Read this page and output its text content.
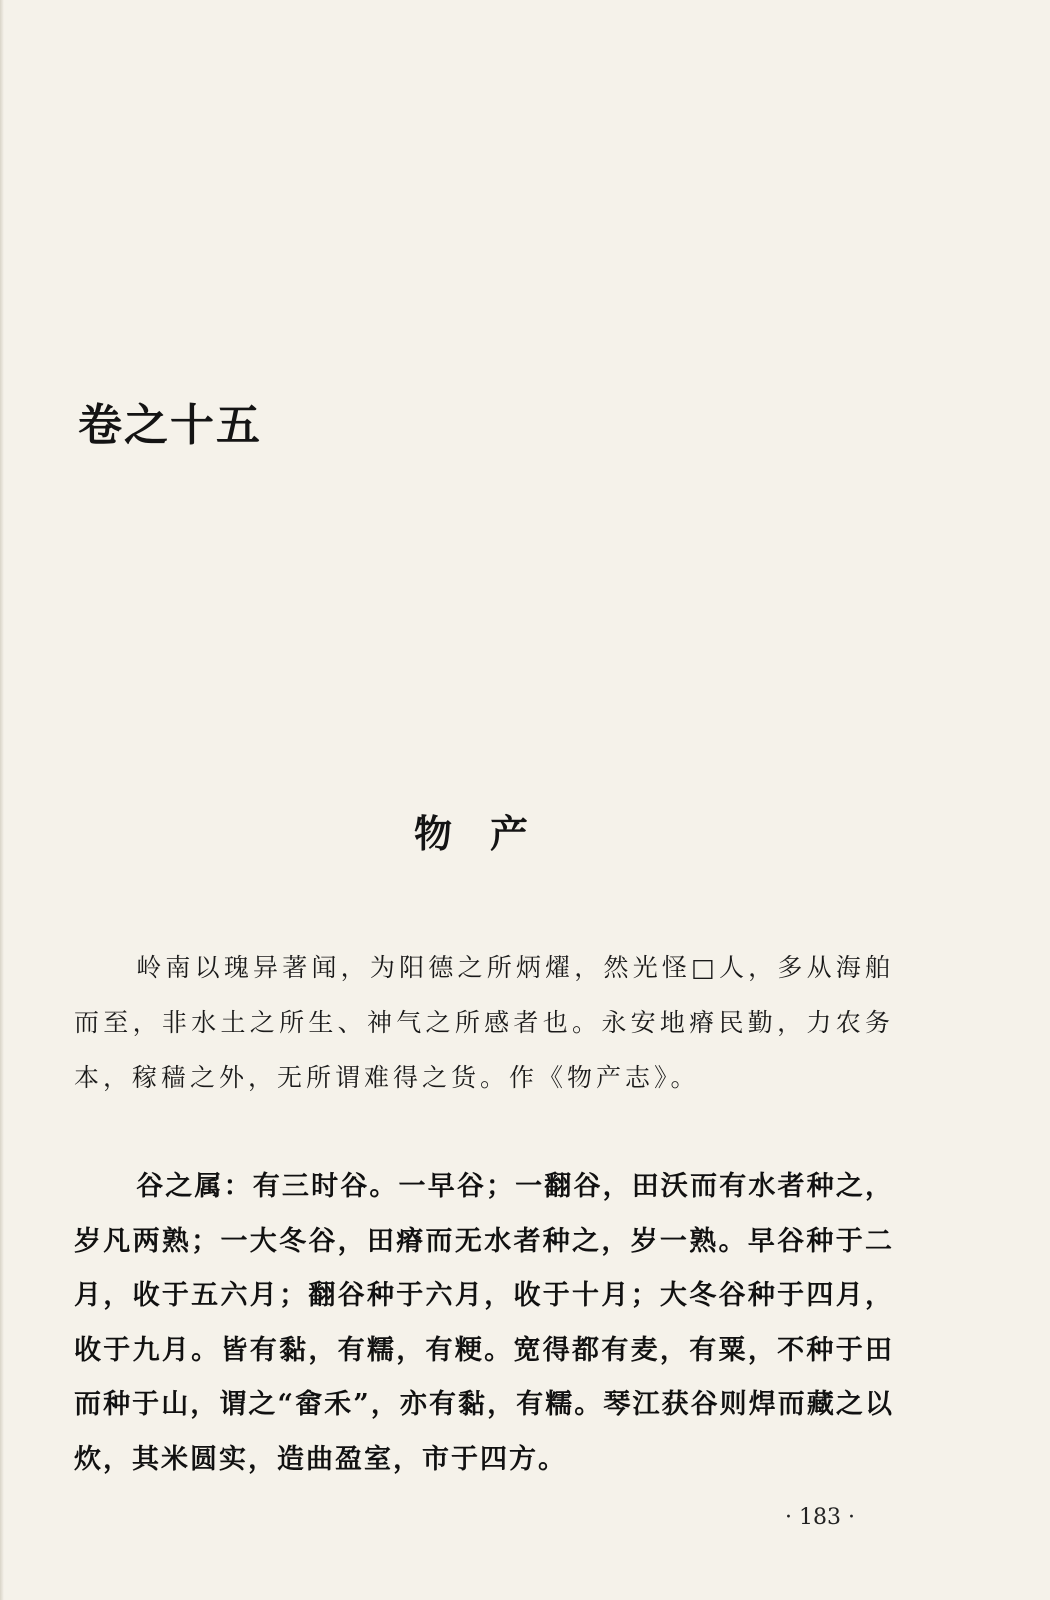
卷之十五
物产

岭南以瑰异著闻，为阳德之所炳燿，然光怪□人，多从海舶而至，非水土之所生、神气之所感者也。永安地瘠民勤，力农务本，稼穑之外，无所谓难得之货。作《物产志》。

谷之属：有三时谷。一早谷；一翻谷，田沃而有水者种之，岁凡两熟；一大冬谷，田瘠而无水者种之，岁一熟。早谷种于二月，收于五六月；翻谷种于六月，收于十月；大冬谷种于四月，收于九月。皆有黏，有糯，有粳。宽得都有麦，有粟，不种于田而种于山，谓之“畲禾”，亦有黏，有糯。琴江获谷则焊而藏之以炊，其米圆实，造曲盈室，市于四方。

· 183 ·
